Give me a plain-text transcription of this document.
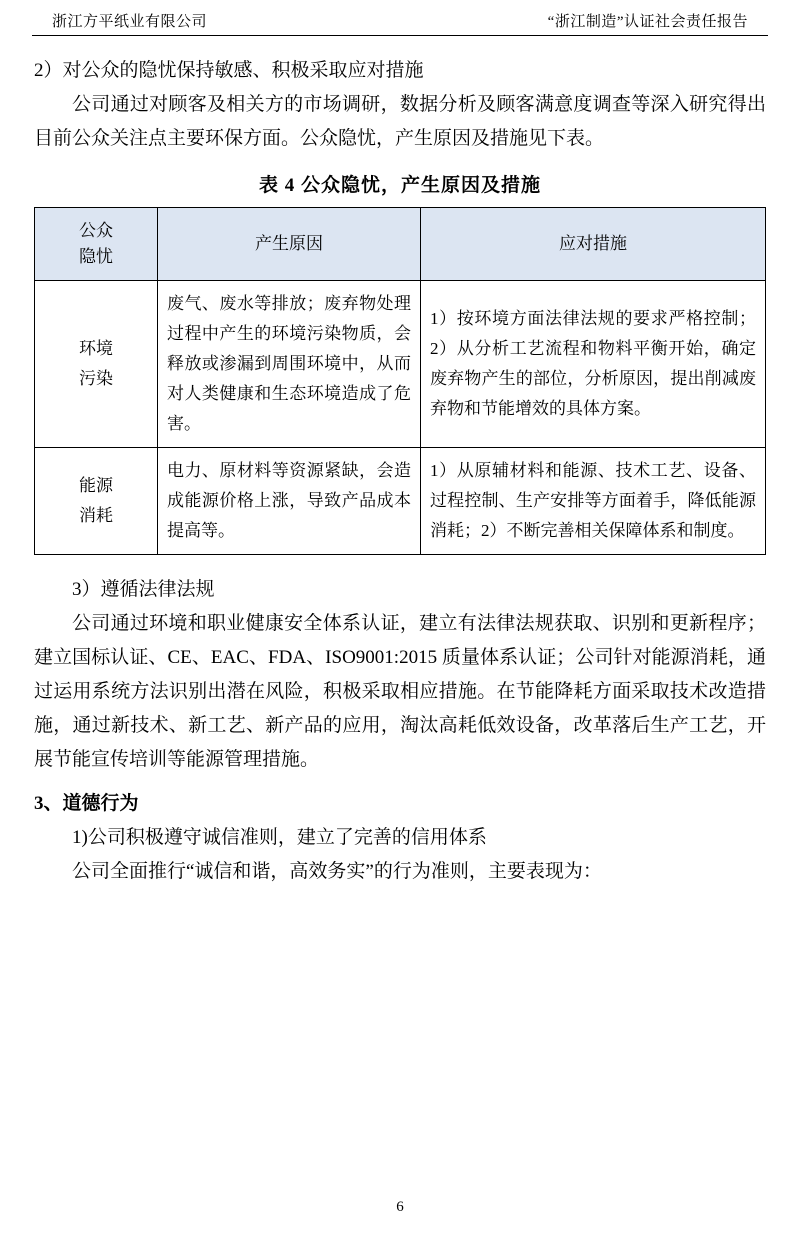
浙江方平纸业有限公司	“浙江制造”认证社会责任报告

2）对公众的隐忧保持敏感、积极采取应对措施

公司通过对顾客及相关方的市场调研，数据分析及顾客满意度调查等深入研究得出目前公众关注点主要环保方面。公众隐忧，产生原因及措施见下表。

表 4 公众隐忧，产生原因及措施
公众
隐忧	产生原因	应对措施

环境
污染	废气、废水等排放；废弃物处理过程中产生的环境污染物质，会释放或渗漏到周围环境中，从而对人类健康和生态环境造成了危害。	1）按环境方面法律法规的要求严格控制；2）从分析工艺流程和物料平衡开始，确定废弃物产生的部位，分析原因，提出削减废弃物和节能增效的具体方案。

能源
消耗	电力、原材料等资源紧缺，会造成能源价格上涨，导致产品成本提高等。	1）从原辅材料和能源、技术工艺、设备、过程控制、生产安排等方面着手，降低能源消耗；2）不断完善相关保障体系和制度。

3）遵循法律法规

公司通过环境和职业健康安全体系认证，建立有法律法规获取、识别和更新程序；建立国标认证、CE、EAC、FDA、ISO9001:2015 质量体系认证；公司针对能源消耗，通过运用系统方法识别出潜在风险，积极采取相应措施。在节能降耗方面采取技术改造措施，通过新技术、新工艺、新产品的应用，淘汰高耗低效设备，改革落后生产工艺，开展节能宣传培训等能源管理措施。

3、道德行为

1)公司积极遵守诚信准则，建立了完善的信用体系

公司全面推行“诚信和谐，高效务实”的行为准则，主要表现为：

6
